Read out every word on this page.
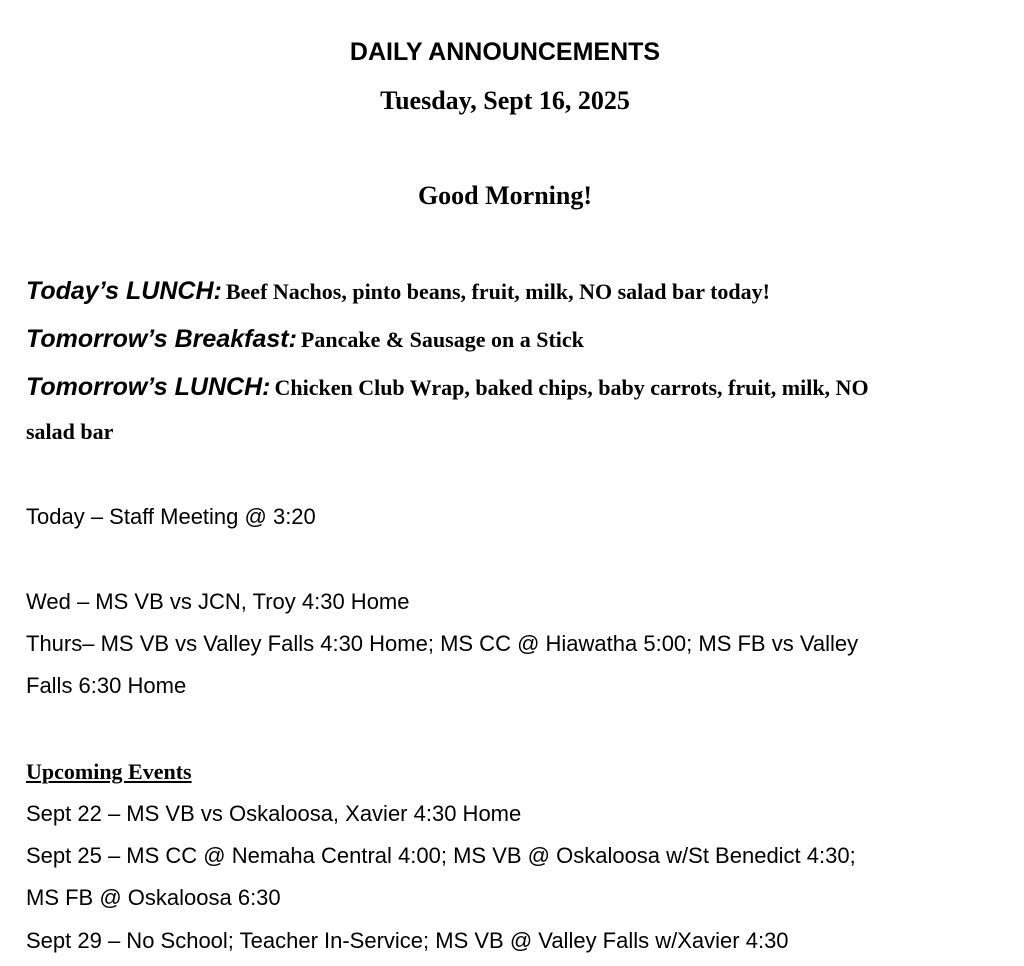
DAILY ANNOUNCEMENTS
Tuesday, Sept 16, 2025
Good Morning!
Today’s LUNCH: Beef Nachos, pinto beans, fruit, milk, NO salad bar today!
Tomorrow’s Breakfast: Pancake & Sausage on a Stick
Tomorrow’s LUNCH: Chicken Club Wrap, baked chips, baby carrots, fruit, milk, NO
salad bar
Today – Staff Meeting @ 3:20
Wed – MS VB vs JCN, Troy 4:30 Home
Thurs– MS VB vs Valley Falls 4:30 Home; MS CC @ Hiawatha 5:00; MS FB vs Valley
Falls 6:30 Home
Upcoming Events
Sept 22 – MS VB vs Oskaloosa, Xavier 4:30 Home
Sept 25 – MS CC @ Nemaha Central 4:00; MS VB @ Oskaloosa w/St Benedict 4:30;
MS FB @ Oskaloosa 6:30
Sept 29 – No School; Teacher In-Service; MS VB @ Valley Falls w/Xavier 4:30
